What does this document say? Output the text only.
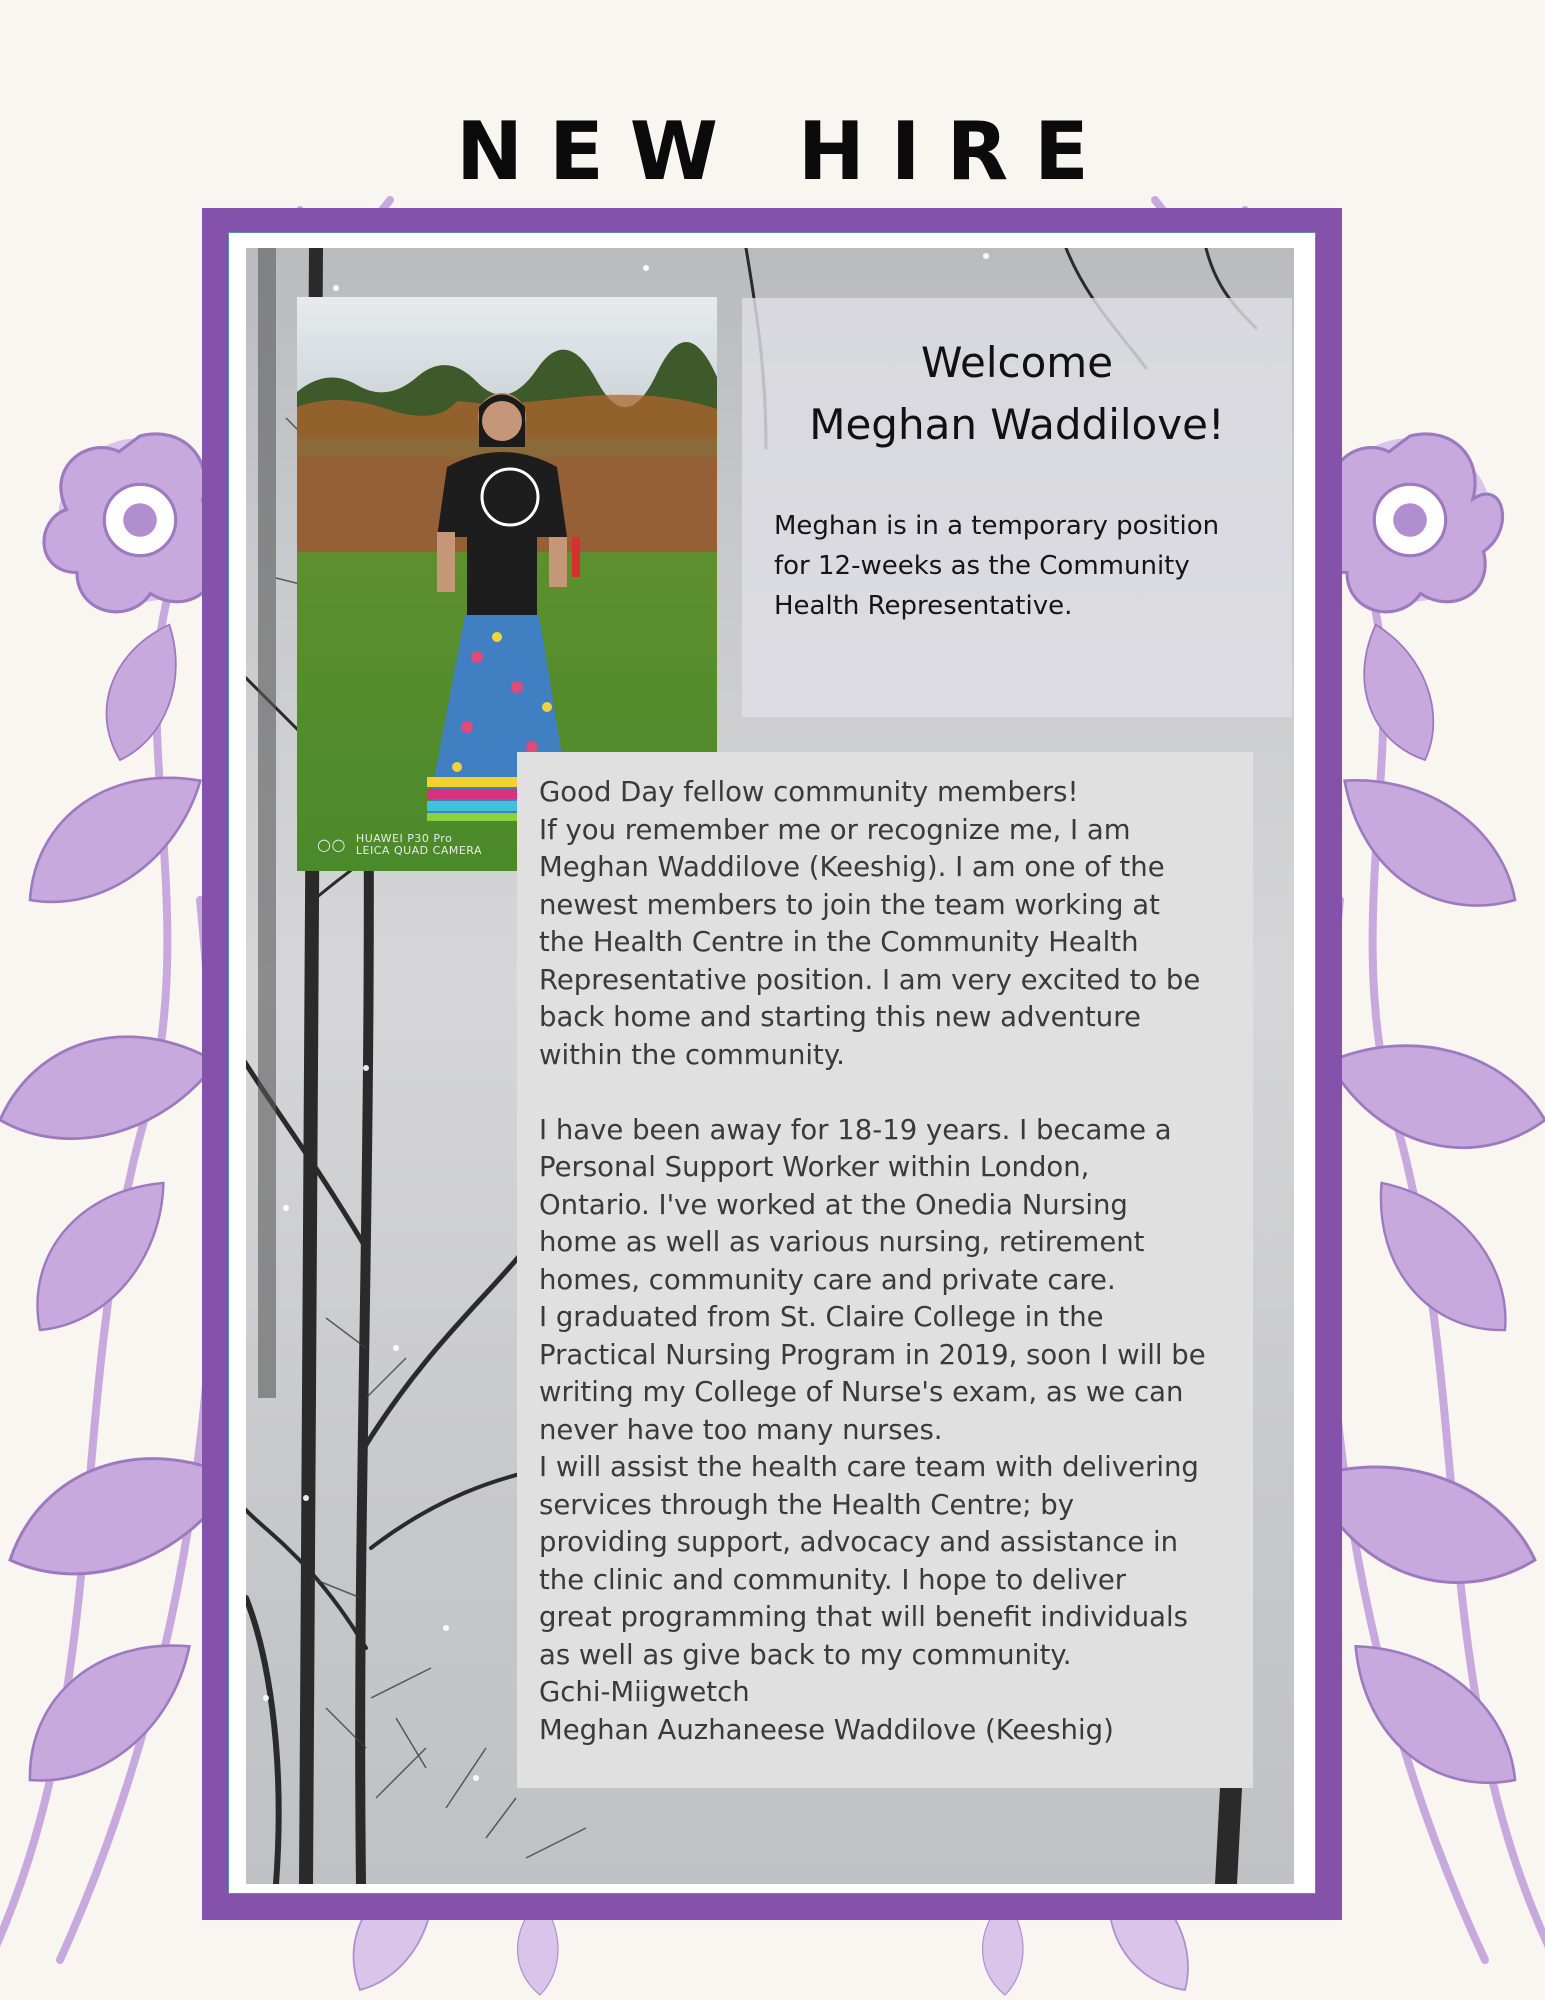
NEW HIRE
○○ HUAWEI P30 Pro
LEICA QUAD CAMERA
Welcome
Meghan Waddilove!
Meghan is in a temporary position
for 12-weeks as the Community
Health Representative.
Good Day fellow community members!
If you remember me or recognize me, I am
Meghan Waddilove (Keeshig). I am one of the
newest members to join the team working at
the Health Centre in the Community Health
Representative position. I am very excited to be
back home and starting this new adventure
within the community.
I have been away for 18-19 years. I became a
Personal Support Worker within London,
Ontario. I've worked at the Onedia Nursing
home as well as various nursing, retirement
homes, community care and private care.
I graduated from St. Claire College in the
Practical Nursing Program in 2019, soon I will be
writing my College of Nurse's exam, as we can
never have too many nurses.
I will assist the health care team with delivering
services through the Health Centre; by
providing support, advocacy and assistance in
the clinic and community. I hope to deliver
great programming that will benefit individuals
as well as give back to my community.
Gchi-Miigwetch
Meghan Auzhaneese Waddilove (Keeshig)
